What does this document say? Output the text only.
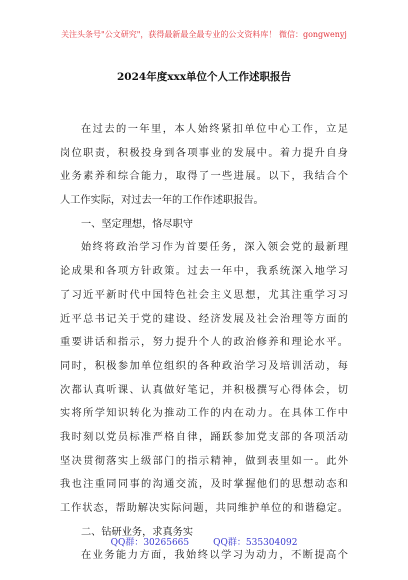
关注头条号"公文研究"，获得最新最全最专业的公文资料库！ 微信：gongwenyj
2024年度xxx单位个人工作述职报告
在过去的一年里，本人始终紧扣单位中心工作，立足
岗位职责，积极投身到各项事业的发展中。着力提升自身
业务素养和综合能力，取得了一些进展。以下，我结合个
人工作实际，对过去一年的工作作述职报告。
一、坚定理想，恪尽职守
始终将政治学习作为首要任务，深入领会党的最新理
论成果和各项方针政策。过去一年中，我系统深入地学习
了习近平新时代中国特色社会主义思想，尤其注重学习习
近平总书记关于党的建设、经济发展及社会治理等方面的
重要讲话和指示，努力提升个人的政治修养和理论水平。
同时，积极参加单位组织的各种政治学习及培训活动，每
次都认真听课、认真做好笔记，并积极撰写心得体会，切
实将所学知识转化为推动工作的内在动力。在具体工作中
我时刻以党员标准严格自律，踊跃参加党支部的各项活动
坚决贯彻落实上级部门的指示精神，做到表里如一。此外
我也注重同同事的沟通交流，及时掌握他们的思想动态和
工作状态，帮助解决实际问题，共同维护单位的和谐稳定。
二、钻研业务，求真务实
在业务能力方面，我始终以学习为动力，不断提高个
QQ群：30265665	QQ群：535304092
